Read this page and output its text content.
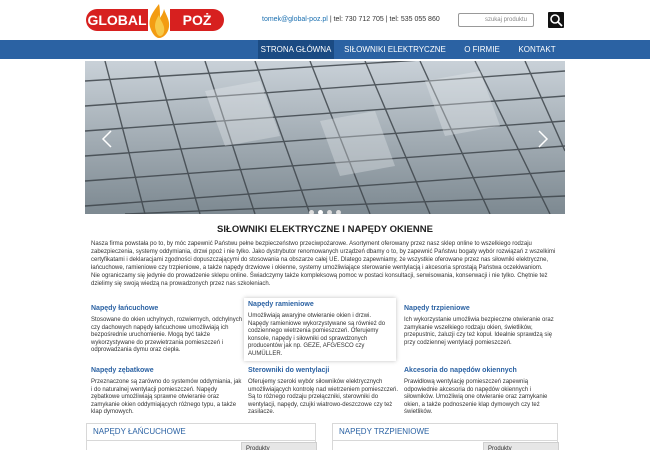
GLOBAL	POŻ	tomek@global-poz.pl | tel: 730 712 705 | tel: 535 055 860	szukaj produktu
STRONA GŁÓWNA	SIŁOWNIKI ELEKTRYCZNE	O FIRMIE	KONTAKT
SIŁOWNIKI ELEKTRYCZNE I NAPĘDY OKIENNE

Nasza firma powstała po to, by móc zapewnić Państwu pełne bezpieczeństwo przeciwpożarowe. Asortyment oferowany przez nasz sklep online to wszelkiego rodzaju zabezpieczenia, systemy oddymiania, drzwi ppoż i nie tylko. Jako dystrybutor renomowanych urządzeń dbamy o to, by zapewnić Państwu bogaty wybór rozwiązań z wszelkimi certyfikatami i deklaracjami zgodności dopuszczającymi do stosowania na obszarze całej UE. Dlatego zapewniamy, że wszystkie oferowane przez nas siłowniki elektryczne, łańcuchowe, ramieniowe czy trzpieniowe, a także napędy drzwiowe i okienne, systemy umożliwiające sterowanie wentylacją i akcesoria sprostają Państwa oczekiwaniom.

Nie ograniczamy się jedynie do prowadzenie sklepu online. Świadczymy także kompleksową pomoc w postaci konsultacji, serwisowania, konserwacji i nie tylko. Chętnie też dzielimy się swoją wiedzą na prowadzonych przez nas szkoleniach.

Napędy łańcuchowe

Stosowane do okien uchylnych, rozwiernych, odchylnych czy dachowych napędy łańcuchowe umożliwiają ich bezpośrednie uruchomienie. Mogą być także wykorzystywane do przewietrzania pomieszczeń i odprowadzania dymu oraz ciepła.

Napędy ramieniowe

Umożliwiają awaryjne otwieranie okien i drzwi. Napędy ramieniowe wykorzystywane są również do codziennego wietrzenia pomieszczeń. Oferujemy konsole, napędy i siłowniki od sprawdzonych producentów jak np. GEZE, AFG/ESCO czy AUMÜLLER.

Napędy trzpieniowe

Ich wykorzystanie umożliwia bezpieczne otwieranie oraz zamykanie wszelkiego rodzaju okien, świetlików, przepustnic, żaluzji czy też kopuł. Idealnie sprawdzą się przy codziennej wentylacji pomieszczeń.

Napędy zębatkowe

Przeznaczone są zarówno do systemów oddymiania, jak i do naturalnej wentylacji pomieszczeń. Napędy zębatkowe umożliwiają sprawne otwieranie oraz zamykanie okien oddymiających różnego typu, a także klap dymowych.

Sterowniki do wentylacji

Oferujemy szeroki wybór siłowników elektrycznych umożliwiających kontrolę nad wietrzeniem pomieszczeń. Są to różnego rodzaju przełączniki, sterowniki do wentylacji, napędy, czujki wiatrowo-deszczowe czy też zasilacze.

Akcesoria do napędów okiennych

Prawidłową wentylację pomieszczeń zapewnią odpowiednie akcesoria do napędów okiennych i siłowników. Umożliwią one otwieranie oraz zamykanie okien, a także podnoszenie klap dymowych czy też świetlików.

NAPĘDY ŁAŃCUCHOWE
Produkty
NAPĘDY TRZPIENIOWE
Produkty
